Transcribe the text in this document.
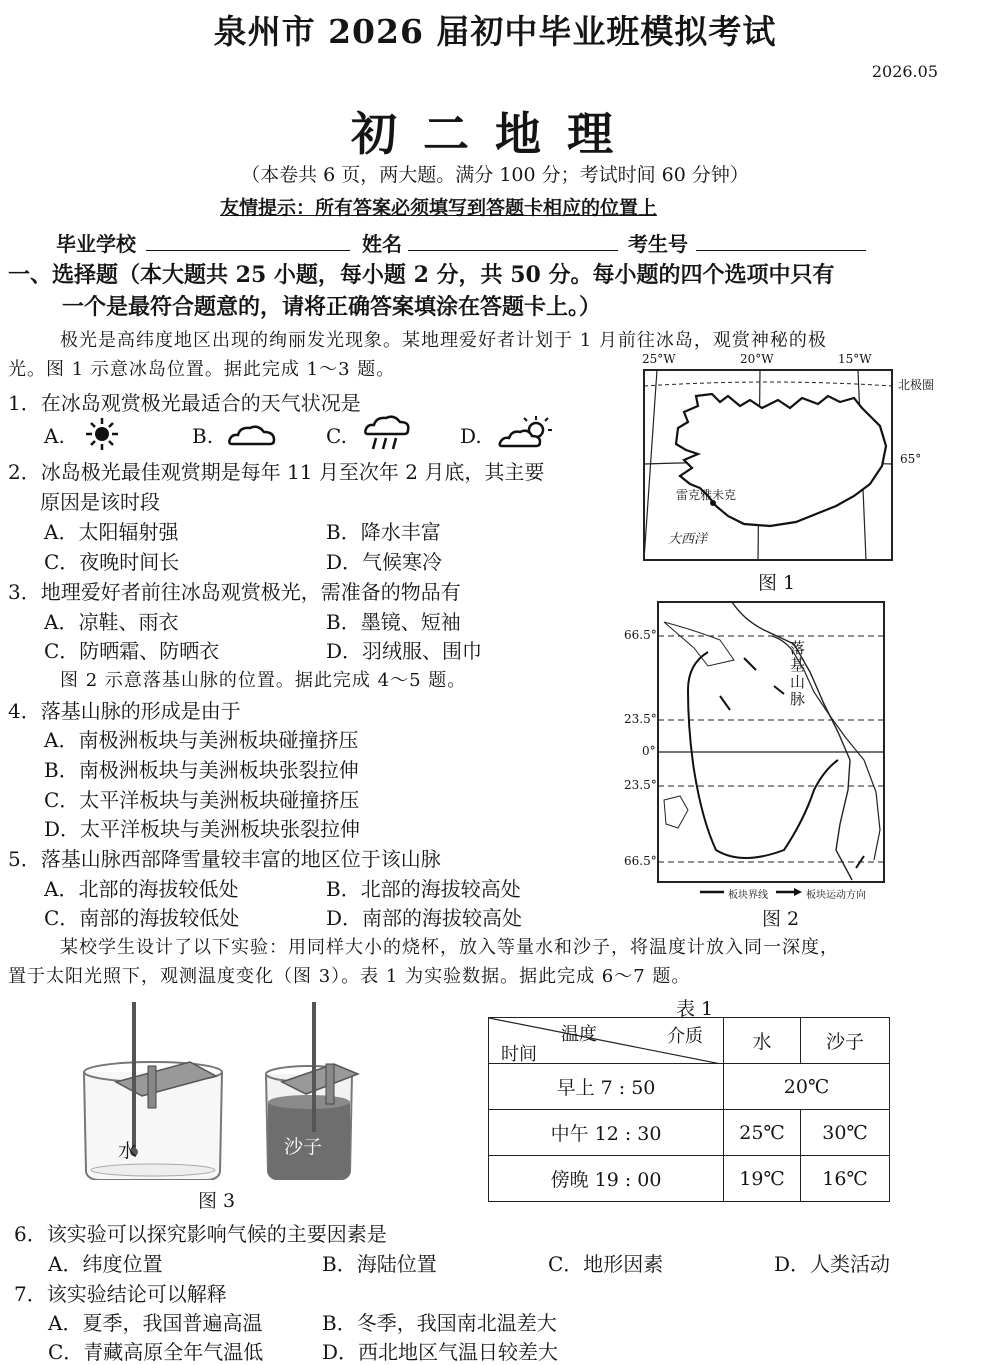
泉州市 2026 届初中毕业班模拟考试
2026.05
初二地理
（本卷共 6 页，两大题。满分 100 分；考试时间 60 分钟）
友情提示：所有答案必须填写到答题卡相应的位置上
毕业学校	姓名	考生号
一、选择题（本大题共 25 小题，每小题 2 分，共 50 分。每小题的四个选项中只有
一个是最符合题意的，请将正确答案填涂在答题卡上。）
极光是高纬度地区出现的绚丽发光现象。某地理爱好者计划于 1 月前往冰岛，观赏神秘的极
光。图 1 示意冰岛位置。据此完成 1～3 题。
1．在冰岛观赏极光最适合的天气状况是
A.	B.	C.	D.
2．冰岛极光最佳观赏期是每年 11 月至次年 2 月底，其主要
原因是该时段
A．太阳辐射强	B．降水丰富
C．夜晚时间长	D．气候寒冷
3．地理爱好者前往冰岛观赏极光，需准备的物品有
A．凉鞋、雨衣	B．墨镜、短袖
C．防晒霜、防晒衣	D．羽绒服、围巾
图 2 示意落基山脉的位置。据此完成 4～5 题。
4．落基山脉的形成是由于
A．南极洲板块与美洲板块碰撞挤压
B．南极洲板块与美洲板块张裂拉伸
C．太平洋板块与美洲板块碰撞挤压
D．太平洋板块与美洲板块张裂拉伸
5．落基山脉西部降雪量较丰富的地区位于该山脉
A．北部的海拔较低处	B．北部的海拔较高处
C．南部的海拔较低处	D．南部的海拔较高处
某校学生设计了以下实验：用同样大小的烧杯，放入等量水和沙子，将温度计放入同一深度，
置于太阳光照下，观测温度变化（图 3）。表 1 为实验数据。据此完成 6～7 题。
25°W	20°W	15°W
北极圈
65°
雷克雅未克
大西洋
图 1
66.5°
23.5°
0°
23.5°
66.5°
落基山脉
板块界线	板块运动方向
图 2
水	沙子
图 3
表 1
温度 介质
时间	水	沙子
早上 7 : 50	20℃	
中午 12 : 30	25℃	30℃
傍晚 19 : 00	19℃	16℃
6．该实验可以探究影响气候的主要因素是
A．纬度位置	B．海陆位置	C．地形因素	D．人类活动
7．该实验结论可以解释
A．夏季，我国普遍高温	B．冬季，我国南北温差大
C．青藏高原全年气温低	D．西北地区气温日较差大
